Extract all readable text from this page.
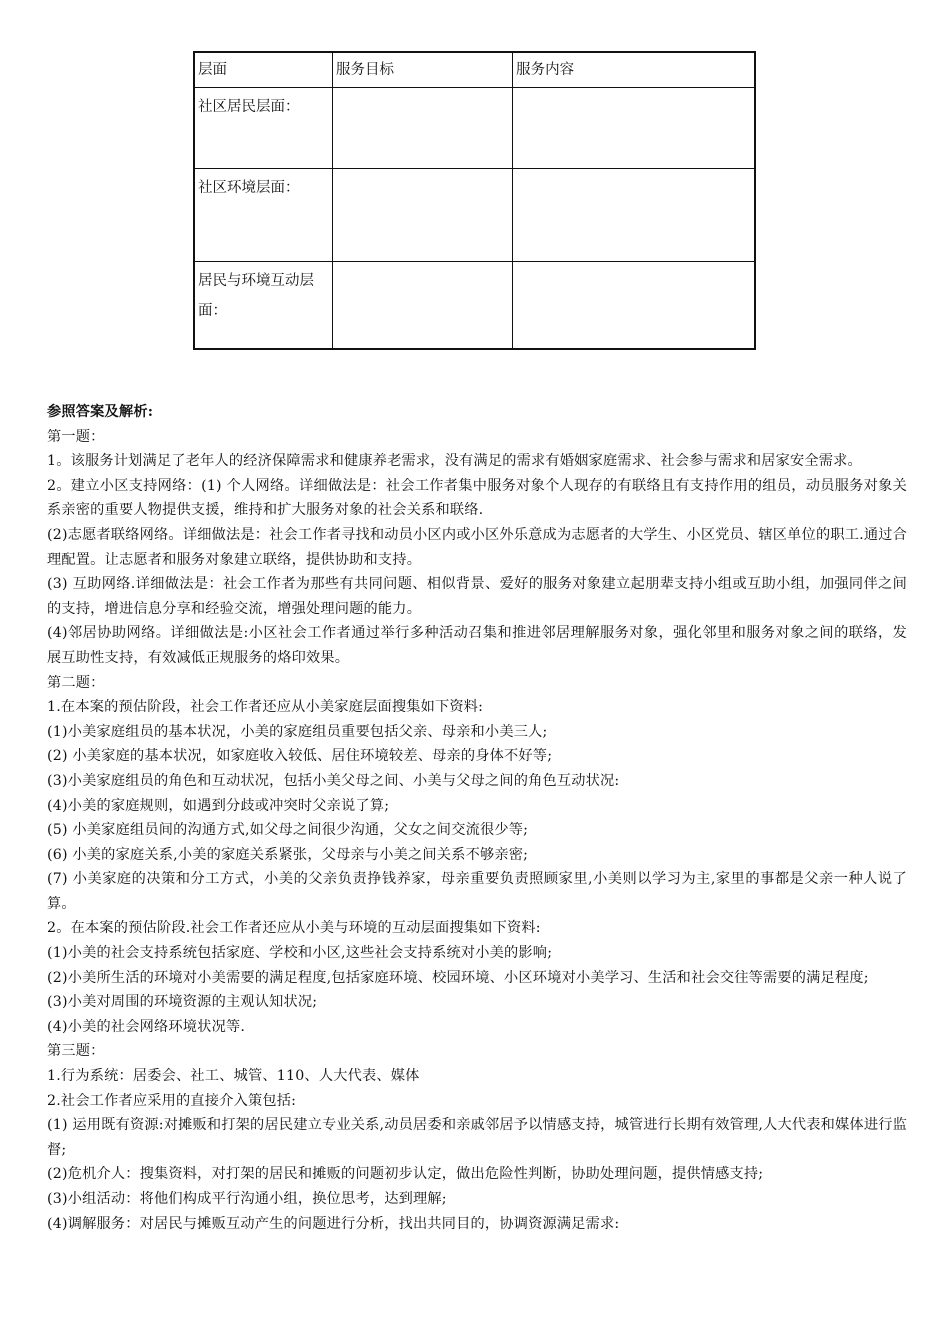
层面	服务目标	服务内容
社区居民层面：		
社区环境层面：		
居民与环境互动层面：		

参照答案及解析:

第一题：

1。该服务计划满足了老年人的经济保障需求和健康养老需求，没有满足的需求有婚姻家庭需求、社会参与需求和居家安全需求。

2。建立小区支持网络：(1) 个人网络。详细做法是：社会工作者集中服务对象个人现存的有联络且有支持作用的组员，动员服务对象关系亲密的重要人物提供支援，维持和扩大服务对象的社会关系和联络.

(2)志愿者联络网络。详细做法是：社会工作者寻找和动员小区内或小区外乐意成为志愿者的大学生、小区党员、辖区单位的职工.通过合理配置。让志愿者和服务对象建立联络，提供协助和支持。

(3) 互助网络.详细做法是：社会工作者为那些有共同问题、相似背景、爱好的服务对象建立起朋辈支持小组或互助小组，加强同伴之间的支持，增进信息分享和经验交流，增强处理问题的能力。

(4)邻居协助网络。详细做法是:小区社会工作者通过举行多种活动召集和推进邻居理解服务对象，强化邻里和服务对象之间的联络，发展互助性支持，有效减低正规服务的烙印效果。

第二题：

1.在本案的预估阶段，社会工作者还应从小美家庭层面搜集如下资料:

(1)小美家庭组员的基本状况，小美的家庭组员重要包括父亲、母亲和小美三人;

(2) 小美家庭的基本状况，如家庭收入较低、居住环境较差、母亲的身体不好等;

(3)小美家庭组员的角色和互动状况，包括小美父母之间、小美与父母之间的角色互动状况:

(4)小美的家庭规则，如遇到分歧或冲突时父亲说了算;

(5) 小美家庭组员间的沟通方式,如父母之间很少沟通，父女之间交流很少等;

(6) 小美的家庭关系,小美的家庭关系紧张，父母亲与小美之间关系不够亲密;

(7) 小美家庭的决策和分工方式，小美的父亲负责挣钱养家，母亲重要负责照顾家里,小美则以学习为主,家里的事都是父亲一种人说了算。

2。在本案的预估阶段.社会工作者还应从小美与环境的互动层面搜集如下资料:

(1)小美的社会支持系统包括家庭、学校和小区,这些社会支持系统对小美的影响;

(2)小美所生活的环境对小美需要的满足程度,包括家庭环境、校园环境、小区环境对小美学习、生活和社会交往等需要的满足程度;

(3)小美对周围的环境资源的主观认知状况;

(4)小美的社会网络环境状况等.

第三题：

1.行为系统：居委会、社工、城管、110、人大代表、媒体

2.社会工作者应采用的直接介入策包括:

(1) 运用既有资源:对摊贩和打架的居民建立专业关系,动员居委和亲戚邻居予以情感支持，城管进行长期有效管理,人大代表和媒体进行监督;

(2)危机介人：搜集资料，对打架的居民和摊贩的问题初步认定，做出危险性判断，协助处理问题，提供情感支持;

(3)小组活动：将他们构成平行沟通小组，换位思考，达到理解;

(4)调解服务：对居民与摊贩互动产生的问题进行分析，找出共同目的，协调资源满足需求:
